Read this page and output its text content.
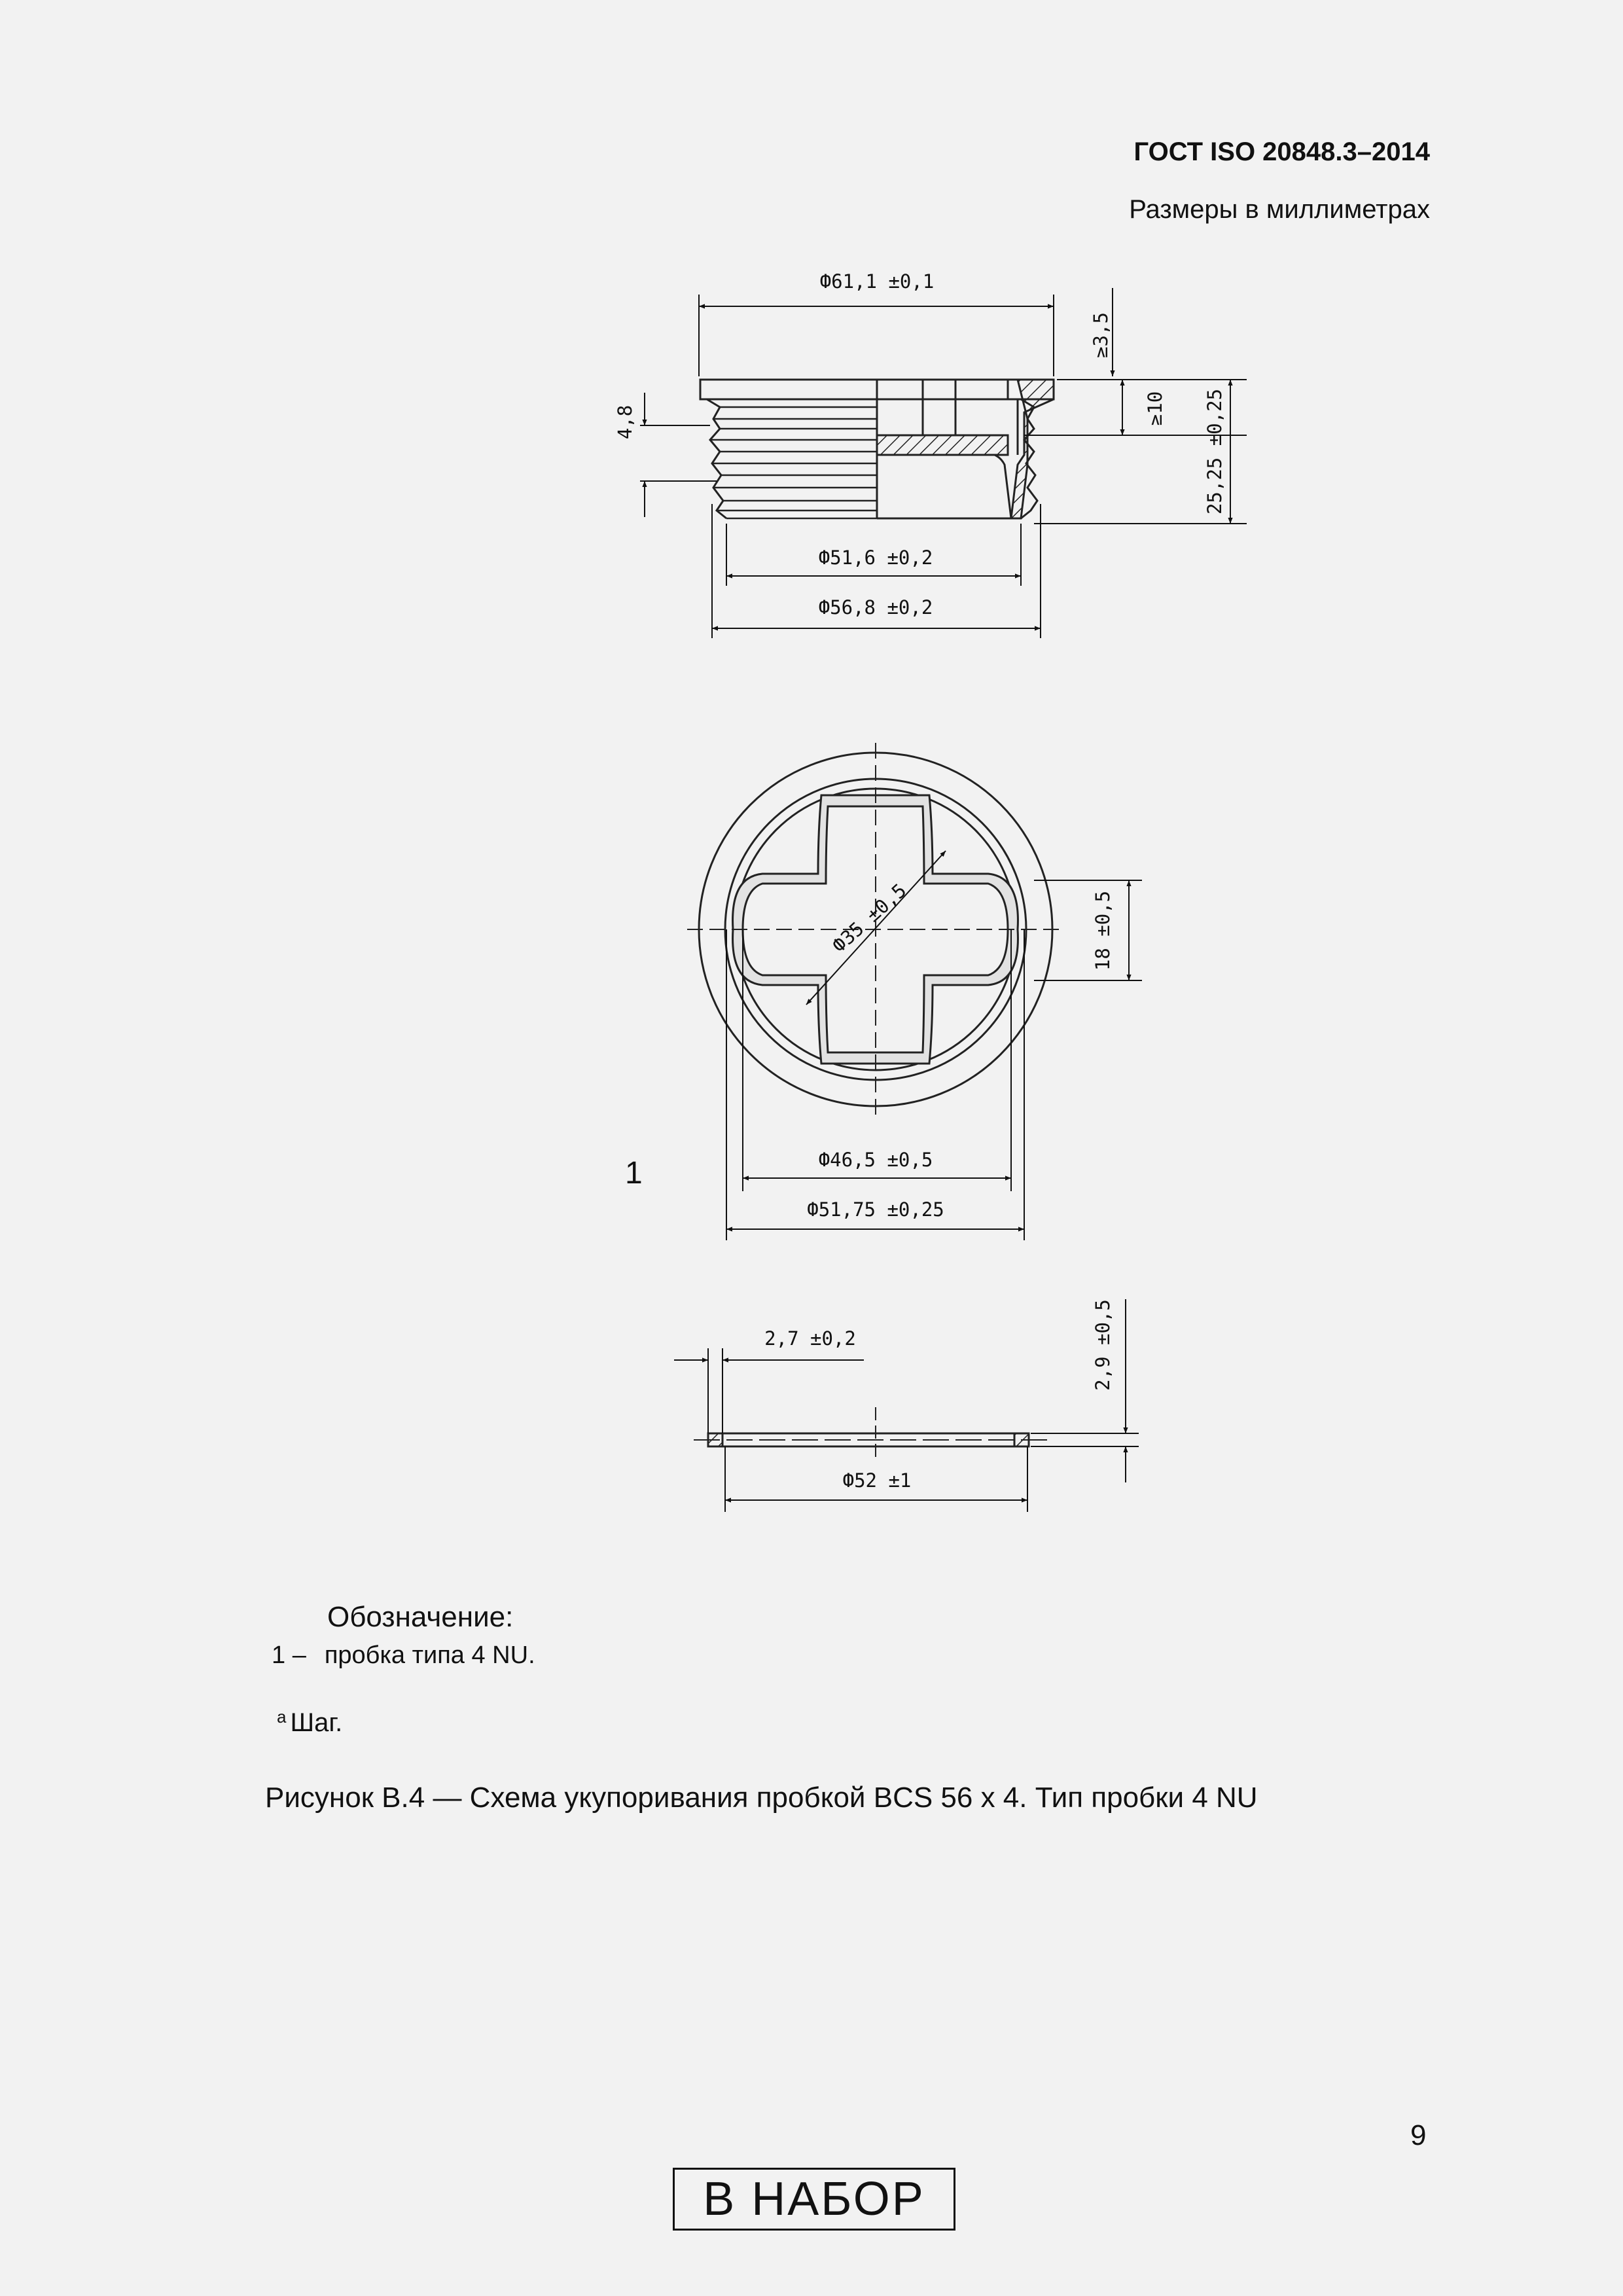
ГОСТ ISO 20848.3–2014
Размеры в миллиметрах
Ф61,1 ±0,1
≥3,5
≥10 25,25 ±0,25
4,8
Ф51,6 ±0,2
Ф56,8 ±0,2
Ф35 ±0,5	18 ±0,5
Ф46,5 ±0,5
Ф51,75 ±0,25
2,7 ±0,2	2,9 ±0,5
Ф52 ±1
1
Обозначение:
1 – пробка типа 4 NU.
$^a$ Шаг.
Рисунок В.4 — Схема укупоривания пробкой BCS 56 x 4. Тип пробки 4 NU
9
В НАБОР
